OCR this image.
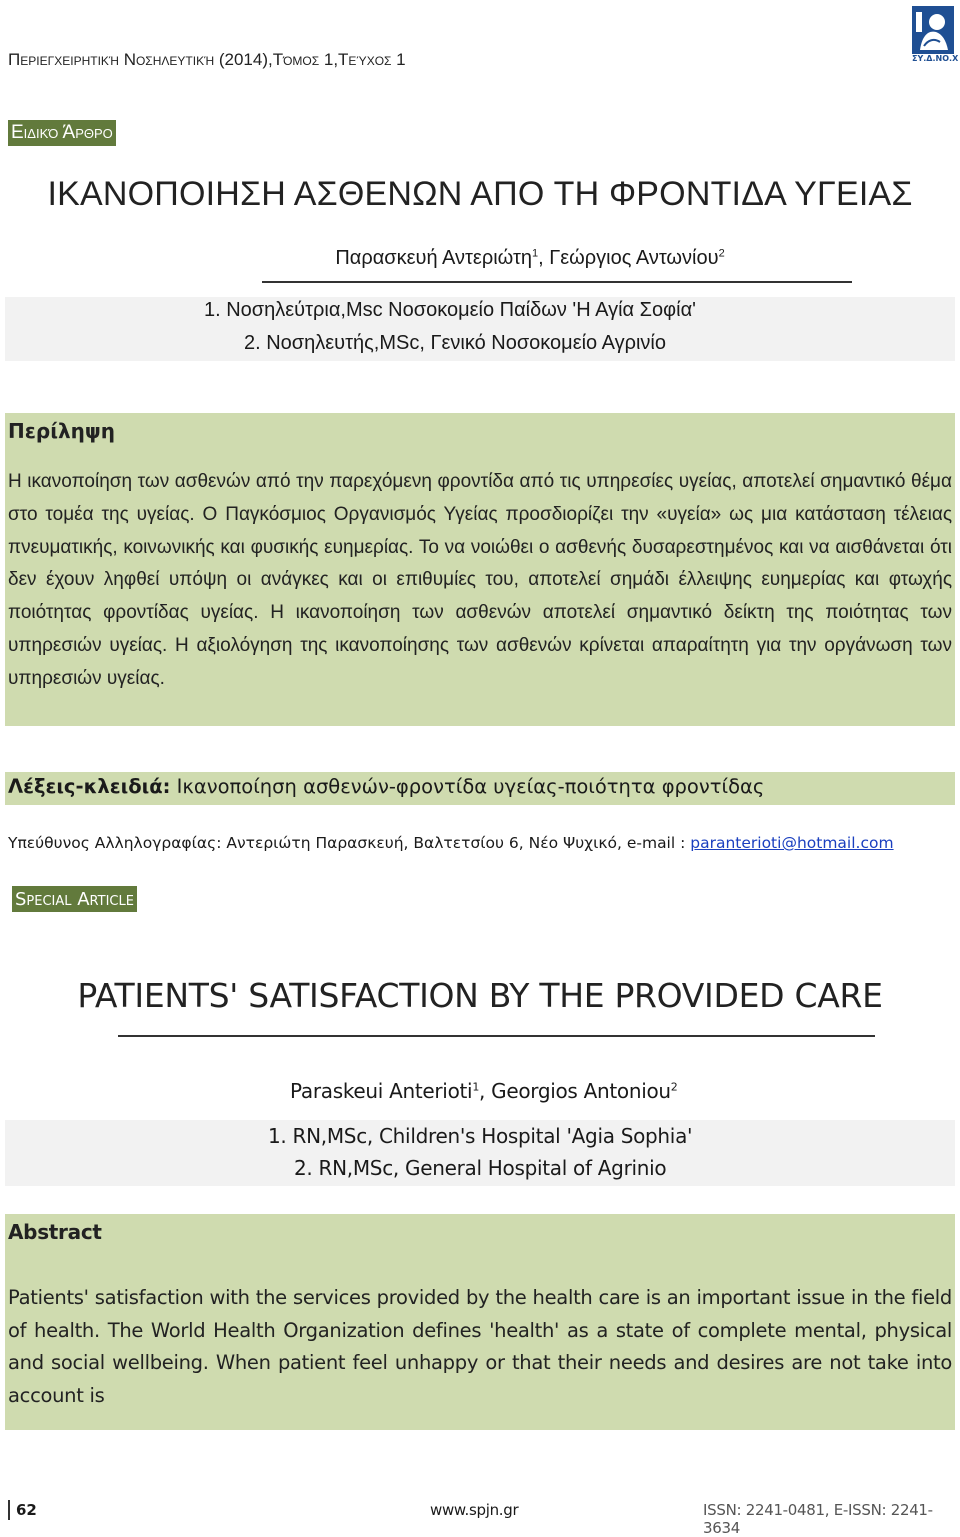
Περιεγχειρητική Νοσηλευτική (2014),Τόμος 1,Τεύχος 1	ΣΥ.Δ.ΝΟ.Χ
Ειδικό Άρθρο
ΙΚΑΝΟΠΟΙΗΣΗ ΑΣΘΕΝΩΝ ΑΠΟ ΤΗ ΦΡΟΝΤΙΔΑ ΥΓΕΙΑΣ
Παρασκευή Αντεριώτη$^1$, Γεώργιος Αντωνίου$^2$
1. Νοσηλεύτρια,Msc Νοσοκομείο Παίδων 'Η Αγία Σοφία'
2. Νοσηλευτής,MSc, Γενικό Νοσοκομείο Αγρινίο
Περίληψη
Η ικανοποίηση των ασθενών από την παρεχόμενη φροντίδα από τις υπηρεσίες υγείας, αποτελεί σημαντικό θέμα στο τομέα της υγείας. Ο Παγκόσμιος Οργανισμός Υγείας προσδιορίζει την «υγεία» ως μια κατάσταση τέλειας πνευματικής, κοινωνικής και φυσικής ευημερίας. Το να νοιώθει ο ασθενής δυσαρεστημένος και να αισθάνεται ότι δεν έχουν ληφθεί υπόψη οι ανάγκες και οι επιθυμίες του, αποτελεί σημάδι έλλειψης ευημερίας και φτωχής ποιότητας φροντίδας υγείας. Η ικανοποίηση των ασθενών αποτελεί σημαντικό δείκτη της ποιότητας των υπηρεσιών υγείας. Η αξιολόγηση της ικανοποίησης των ασθενών κρίνεται απαραίτητη για την οργάνωση των υπηρεσιών υγείας.
Λέξεις-κλειδιά: Ικανοποίηση ασθενών-φροντίδα υγείας-ποιότητα φροντίδας
Υπεύθυνος Αλληλογραφίας: Αντεριώτη Παρασκευή, Βαλτετσίου 6, Νέο Ψυχικό, e-mail : paranterioti@hotmail.com
Special Article
PATIENTS' SATISFACTION BY THE PROVIDED CARE
Paraskeui Anterioti$^1$, Georgios Antoniou$^2$
1. RN,MSc, Children's Hospital 'Agia Sophia'
2. RN,MSc, General Hospital of Agrinio
Abstract
Patients' satisfaction with the services provided by the health care is an important issue in the field of health. The World Health Organization defines 'health' as a state of complete mental, physical and social wellbeing. When patient feel unhappy or that their needs and desires are not take into account is
62	www.spjn.gr	ISSN: 2241-0481, E-ISSN: 2241-3634
